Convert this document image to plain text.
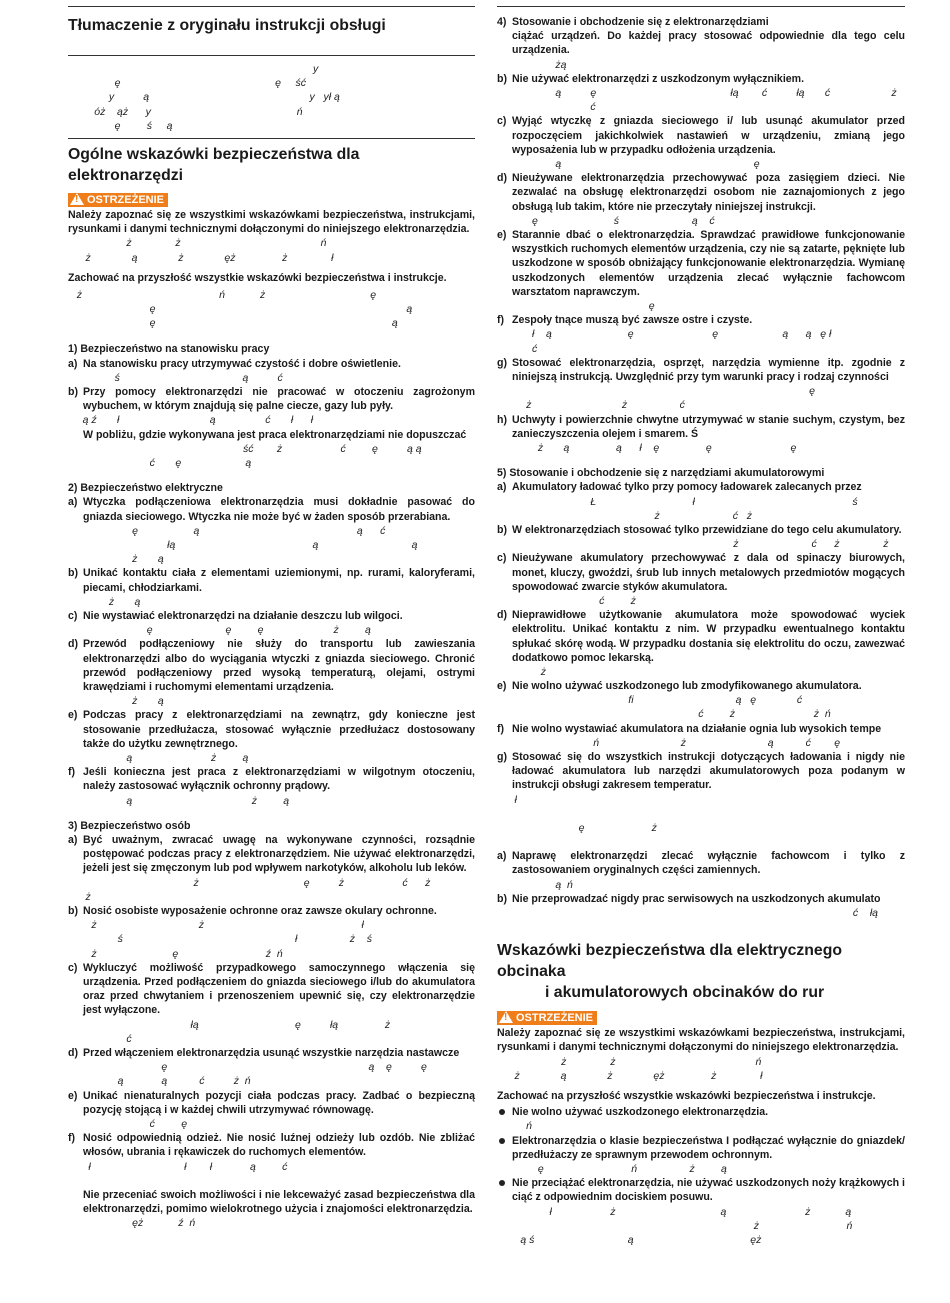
Tłumaczenie z oryginału instrukcji obsługi
y
ę                                                     ę     ść
y          ą                                                       y   ył ą
óż    ąż      y                                                  ń
ę         ś     ą
Ogólne wskazówki bezpieczeństwa dla elektronarzędzi
!OSTRZEŻENIE

Należy zapoznać się ze wszystkimi wskazówkami bezpieczeństwa, instrukcjami, rysunkami i danymi technicznymi dołączonymi do niniejszego elektronarzędzia.

ż               ż                                                ń
ż              ą              ż              ęż                ż               ł

Zachować na przyszłość wszystkie wskazówki bezpieczeństwa i instrukcje.

ż                                               ń            ż                                    ę
ę                                                                                      ą
ę                                                                                 ą

1) Bezpieczeństwo na stanowisku pracy

a) Na stanowisku pracy utrzymywać czystość i dobre oświetlenie.

ś                                          ą          ć
b) Przy pomocy elektronarzędzi nie pracować w otoczeniu zagrożonym wybuchem, w którym znajdują się palne ciecze, gazy lub pyły.

ą ź       ł                               ą                 ć       ł      ł

W pobliżu, gdzie wykonywana jest praca elektronarzędziami nie dopuszczać

ść        ż                    ć         ę          ą ą
ć       ę                      ą

2) Bezpieczeństwo elektryczne

a) Wtyczka podłączeniowa elektronarzędzia musi dokładnie pasować do gniazda sieciowego. Wtyczka nie może być w żaden sposób przerabiana.

ę                   ą                                                      ą      ć
łą                                               ą                                ą
ż       ą
b) Unikać kontaktu ciała z elementami uziemionymi, np. rurami, kaloryferami, piecami, chłodziarkami.

ż       ą
c) Nie wystawiać elektronarzędzi na działanie deszczu lub wilgoci.

ę                         ę         ę                        ż         ą
d) Przewód podłączeniowy nie służy do transportu lub zawieszania elektronarzędzi albo do wyciągania wtyczki z gniazda sieciowego. Chronić przewód podłączeniowy przed wysoką temperaturą, olejami, ostrymi krawędziami i ruchomymi elementami urządzenia.

ż       ą
e) Podczas pracy z elektronarzędziami na zewnątrz, gdy konieczne jest stosowanie przedłużacza, stosować wyłącznie przedłużacz dostosowany także do użytku zewnętrznego.

ą                           ż         ą
f) Jeśli konieczna jest praca z elektronarzędziami w wilgotnym otoczeniu, należy zastosować wyłącznik ochronny prądowy.

ą                                         ż         ą

3) Bezpieczeństwo osób

a) Być uważnym, zwracać uwagę na wykonywane czynności, rozsądnie postępować podczas pracy z elektronarzędziem. Nie używać elektronarzędzi, jeżeli jest się zmęczonym lub pod wpływem narkotyków, alkoholu lub leków.

ż                                    ę          ż                    ć      ż
ż
b) Nosić osobiste wyposażenie ochronne oraz zawsze okulary ochronne.

ż                                   ż                                                      ł
ś                                                           ł                  ż    ś
ż                          ę                              ź  ń
c) Wykluczyć możliwość przypadkowego samoczynnego włączenia się urządzenia. Przed podłączeniem do gniazda sieciowego i/lub do akumulatora oraz przed chwytaniem i przenoszeniem upewnić się, czy elektronarzędzie jest wyłączone.

łą                                 ę          łą                ż
ć
d) Przed włączeniem elektronarzędzia usunąć wszystkie narzędzia nastawcze

ę                                                                     ą    ę          ę
ą             ą           ć          ż  ń
e) Unikać nienaturalnych pozycji ciała podczas pracy. Zadbać o bezpieczną pozycję stojącą i w każdej chwili utrzymywać równowagę.

ć         ę
f) Nosić odpowiednią odzież. Nie nosić luźnej odzieży lub ozdób. Nie zbliżać włosów, ubrania i rękawiczek do ruchomych elementów.

ł                                ł        ł             ą         ć

Nie przeceniać swoich możliwości i nie lekceważyć zasad bezpieczeństwa dla elektronarzędzi, pomimo wielokrotnego użycia i znajomości elektronarzędzia.

ęż            ź  ń
4) Stosowanie i obchodzenie się z elektronarzędziami

ciążać urządzeń. Do każdej pracy stosować odpowiednie dla tego celu urządzenia.

żą
b) Nie używać elektronarzędzi z uszkodzonym wyłącznikiem.

ą          ę                                              łą        ć          łą       ć                     ż
ć
c) Wyjąć wtyczkę z gniazda sieciowego i/ lub usunąć akumulator przed rozpoczęciem jakichkolwiek nastawień w urządzeniu, zmianą jego wyposażenia lub w przypadku odłożenia urządzenia.

ą                                                                  ę
d) Nieużywane elektronarzędzia przechowywać poza zasięgiem dzieci. Nie zezwalać na obsługę elektronarzędzi osobom nie zaznajomionych z jego obsługą lub takim, które nie przeczytały niniejszej instrukcji.

ę                          ś                         ą    ć
e) Starannie dbać o elektronarzędzia. Sprawdzać prawidłowe funkcjonowanie wszystkich ruchomych elementów urządzenia, czy nie są zatarte, pęknięte lub uszkodzone w sposób obniżający funkcjonowanie elektronarzędzia. Wymianę uszkodzonych elementów urządzenia zlecać wyłącznie fachowcom warsztatom naprawczym.

ę
f) Zespoły tnące muszą być zawsze ostre i czyste.

ł    ą                          ę                           ę                      ą      ą   ę ł
ć
g) Stosować elektronarzędzia, osprzęt, narzędzia wymienne itp. zgodnie z niniejszą instrukcją. Uwzględnić przy tym warunki pracy i rodzaj czynności

ę
ż                               ż                  ć
h) Uchwyty i powierzchnie chwytne utrzymywać w stanie suchym, czystym, bez zanieczyszczenia olejem i smarem. Ś

ż       ą                ą      ł    ę                ę                           ę

5) Stosowanie i obchodzenie się z narzędziami akumulatorowymi

a) Akumulatory ładować tylko przy pomocy ładowarek zalecanych przez

Ł                                 ł                                                      ś
ż                         ć   ż
b) W elektronarzędziach stosować tylko przewidziane do tego celu akumulatory.

ż                         ć      ż               ż
c) Nieużywane akumulatory przechowywać z dala od spinaczy biurowych, monet, kluczy, gwoździ, śrub lub innych metalowych przedmiotów mogących spowodować zwarcie styków akumulatora.

ć         ż
d) Nieprawidłowe użytkowanie akumulatora może spowodować wyciek elektrolitu. Unikać kontaktu z nim. W przypadku ewentualnego kontaktu spłukać skórę wodą. W przypadku dostania się elektrolitu do oczu, zawezwać dodatkowo pomoc lekarską.

ż
e) Nie wolno używać uszkodzonego lub zmodyfikowanego akumulatora.

fi                                   ą   ę              ć
ć         ż                           ż  ń
f) Nie wolno wystawiać akumulatora na działanie ognia lub wysokich tempe

ń                            ż                            ą           ć        ę
g) Stosować się do wszystkich instrukcji dotyczących ładowania i nigdy nie ładować akumulatora lub narzędzi akumulatorowych poza podanym w instrukcji obsługi zakresem temperatur.

ł
ę                       ż
a) Naprawę elektronarzędzi zlecać wyłącznie fachowcom i tylko z zastosowaniem oryginalnych części zamiennych.

ą  ń
b) Nie przeprowadzać nigdy prac serwisowych na uszkodzonych akumulato

ć    łą
Wskazówki bezpieczeństwa dla elektrycznego obcinaka
i akumulatorowych obcinaków do rur
!OSTRZEŻENIE

Należy zapoznać się ze wszystkimi wskazówkami bezpieczeństwa, instrukcjami, rysunkami i danymi technicznymi dołączonymi do niniejszego elektronarzędzia.

ż               ż                                                ń
ż              ą              ż              ęż                ż               ł

Zachować na przyszłość wszystkie wskazówki bezpieczeństwa i instrukcje.

Nie wolno używać uszkodzonego elektronarzędzia.

ń

Elektronarzędzia o klasie bezpieczeństwa I podłączać wyłącznie do gniazdek/ przedłużaczy ze sprawnym przewodem ochronnym.

ę                              ń                  ż         ą

Nie przeciążać elektronarzędzia, nie używać uszkodzonych noży krążkowych i ciąć z odpowiednim dociskiem posuwu.

ł                    ż                                    ą                           ż            ą
ż                              ń
ą ś                                ą                                        ęż
